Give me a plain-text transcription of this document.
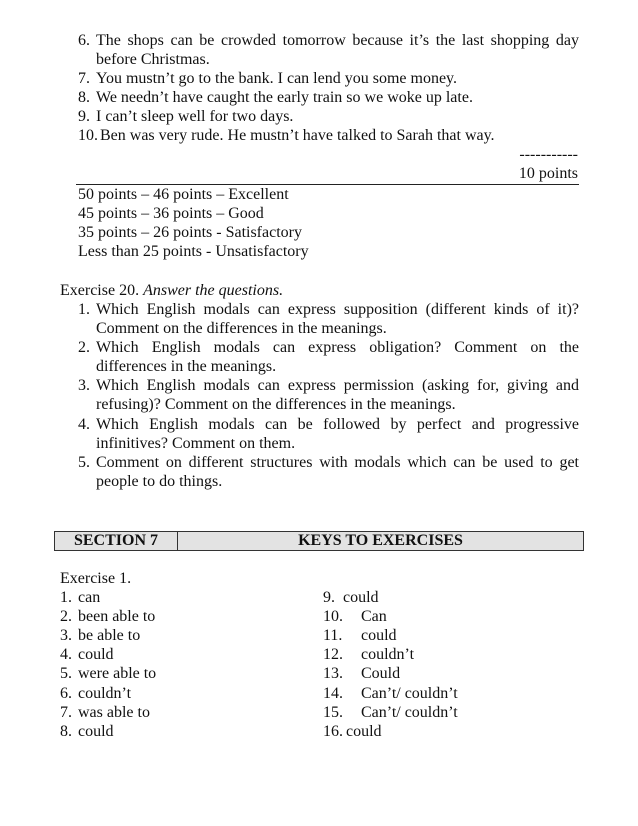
6. The shops can be crowded tomorrow because it’s the last shopping day
before Christmas.
7. You mustn’t go to the bank. I can lend you some money.
8. We needn’t have caught the early train so we woke up late.
9. I can’t sleep well for two days.
10. Ben was very rude. He mustn’t have talked to Sarah that way.
-----------
10 points
50 points – 46 points – Excellent
45 points – 36 points – Good
35 points – 26 points - Satisfactory
Less than 25 points - Unsatisfactory
Exercise 20. Answer the questions.
1. Which English modals can express supposition (different kinds of it)?
Comment on the differences in the meanings.
2. Which English modals can express obligation? Comment on the
differences in the meanings.
3. Which English modals can express permission (asking for, giving and
refusing)? Comment on the differences in the meanings.
4. Which English modals can be followed by perfect and progressive
infinitives? Comment on them.
5. Comment on different structures with modals which can be used to get
people to do things.
SECTION 7	KEYS TO EXERCISES
Exercise 1.
1. can
2. been able to
3. be able to
4. could
5. were able to
6. couldn’t
7. was able to
8. could
9. could
10. Can
11. could
12. couldn’t
13. Could
14. Can’t/ couldn’t
15. Can’t/ couldn’t
16. could
